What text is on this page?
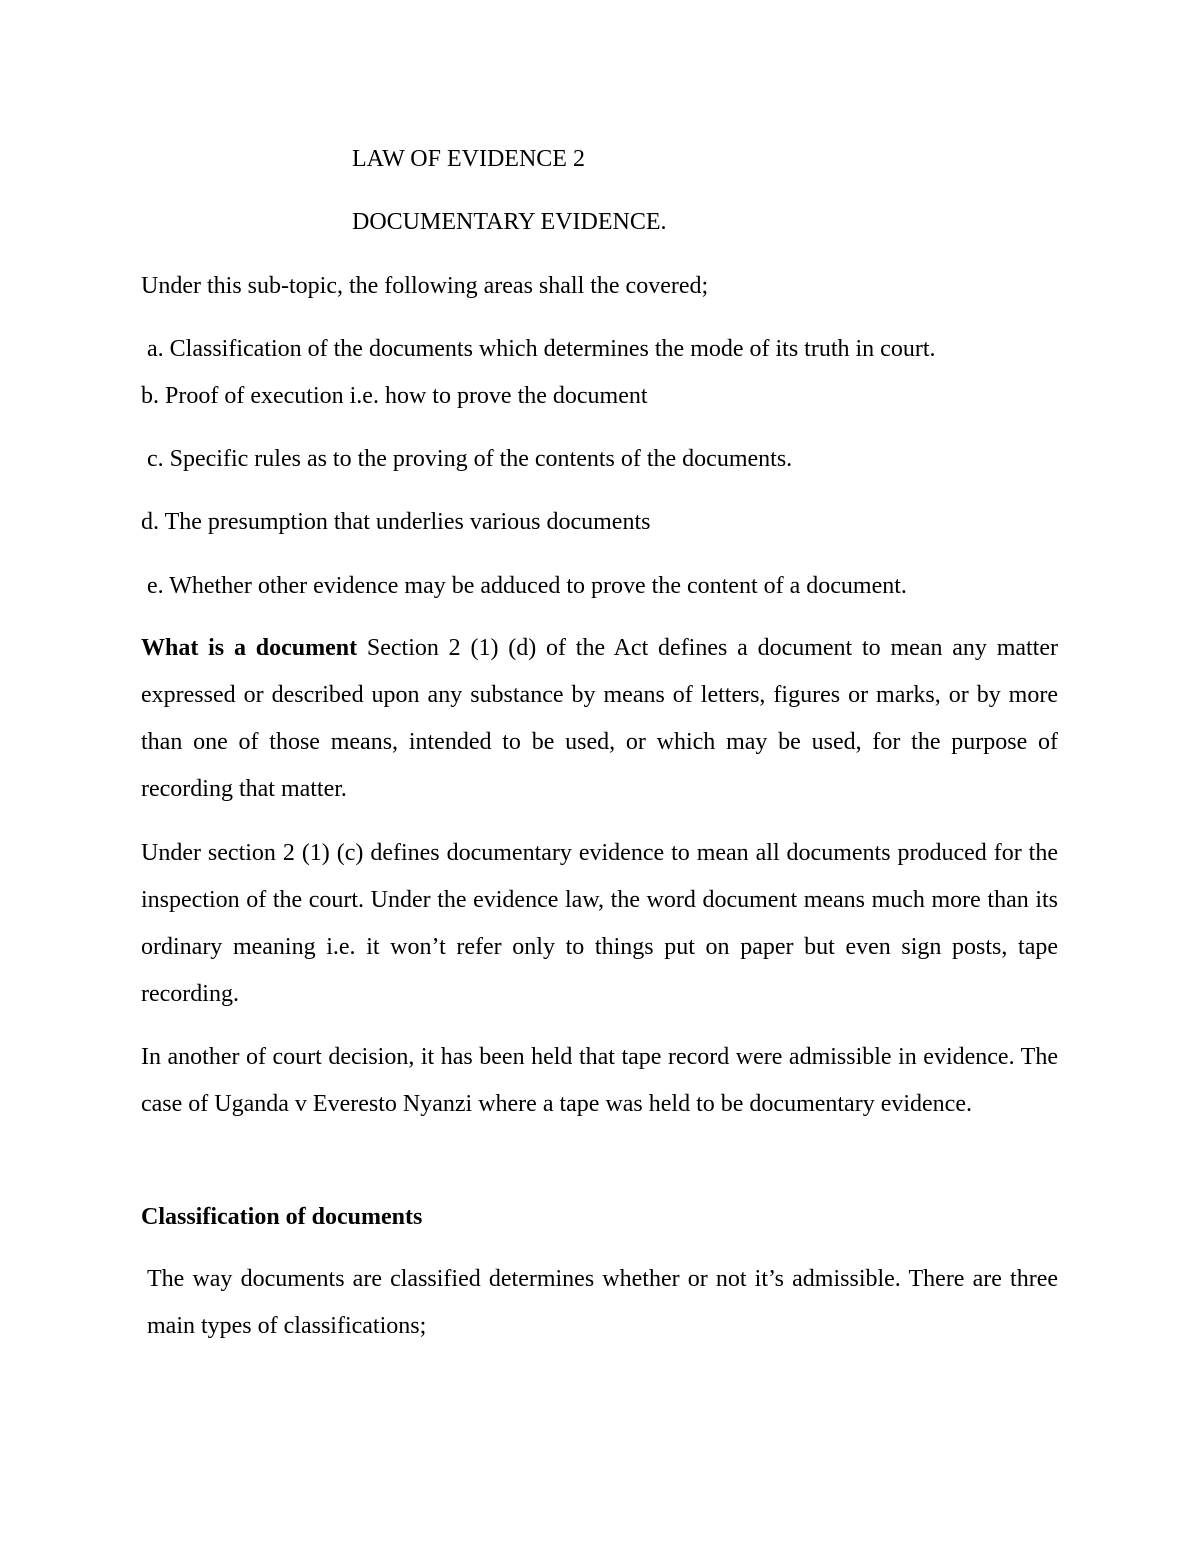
LAW OF EVIDENCE 2
DOCUMENTARY EVIDENCE.
Under this sub-topic, the following areas shall the covered;
a. Classification of the documents which determines the mode of its truth in court.
b. Proof of execution i.e. how to prove the document
c. Specific rules as to the proving of the contents of the documents.
d. The presumption that underlies various documents
e. Whether other evidence may be adduced to prove the content of a document.
What is a document Section 2 (1) (d) of the Act defines a document to mean any matter expressed or described upon any substance by means of letters, figures or marks, or by more than one of those means, intended to be used, or which may be used, for the purpose of recording that matter.
Under section 2 (1) (c) defines documentary evidence to mean all documents produced for the inspection of the court. Under the evidence law, the word document means much more than its ordinary meaning i.e. it won’t refer only to things put on paper but even sign posts, tape recording.
In another of court decision, it has been held that tape record were admissible in evidence. The case of Uganda v Everesto Nyanzi where a tape was held to be documentary evidence.
Classification of documents
The way documents are classified determines whether or not it’s admissible. There are three main types of classifications;
